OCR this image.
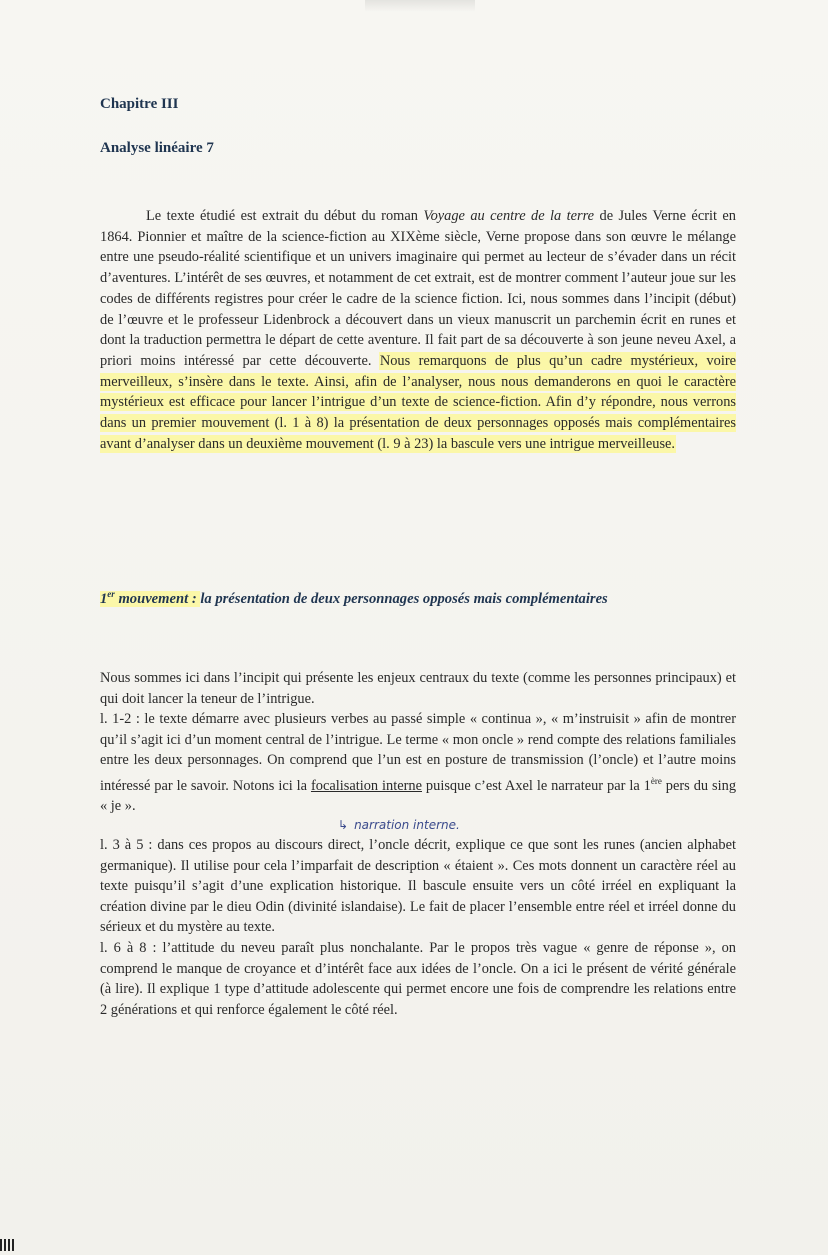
Chapitre III
Analyse linéaire 7
Le texte étudié est extrait du début du roman Voyage au centre de la terre de Jules Verne écrit en 1864. Pionnier et maître de la science-fiction au XIXème siècle, Verne propose dans son œuvre le mélange entre une pseudo-réalité scientifique et un univers imaginaire qui permet au lecteur de s’évader dans un récit d’aventures. L’intérêt de ses œuvres, et notamment de cet extrait, est de montrer comment l’auteur joue sur les codes de différents registres pour créer le cadre de la science fiction. Ici, nous sommes dans l’incipit (début) de l’œuvre et le professeur Lidenbrock a découvert dans un vieux manuscrit un parchemin écrit en runes et dont la traduction permettra le départ de cette aventure. Il fait part de sa découverte à son jeune neveu Axel, a priori moins intéressé par cette découverte. Nous remarquons de plus qu’un cadre mystérieux, voire merveilleux, s’insère dans le texte. Ainsi, afin de l’analyser, nous nous demanderons en quoi le caractère mystérieux est efficace pour lancer l’intrigue d’un texte de science-fiction. Afin d’y répondre, nous verrons dans un premier mouvement (l. 1 à 8) la présentation de deux personnages opposés mais complémentaires avant d’analyser dans un deuxième mouvement (l. 9 à 23) la bascule vers une intrigue merveilleuse.
1er mouvement : la présentation de deux personnages opposés mais complémentaires

Nous sommes ici dans l’incipit qui présente les enjeux centraux du texte (comme les personnes principaux) et qui doit lancer la teneur de l’intrigue.

l. 1-2 : le texte démarre avec plusieurs verbes au passé simple « continua », « m’instruisit » afin de montrer qu’il s’agit ici d’un moment central de l’intrigue. Le terme « mon oncle » rend compte des relations familiales entre les deux personnages. On comprend que l’un est en posture de transmission (l’oncle) et l’autre moins intéressé par le savoir. Notons ici la focalisation interne puisque c’est Axel le narrateur par la 1ère pers du sing « je ».

↳ narration interne.

l. 3 à 5 : dans ces propos au discours direct, l’oncle décrit, explique ce que sont les runes (ancien alphabet germanique). Il utilise pour cela l’imparfait de description « étaient ». Ces mots donnent un caractère réel au texte puisqu’il s’agit d’une explication historique. Il bascule ensuite vers un côté irréel en expliquant la création divine par le dieu Odin (divinité islandaise). Le fait de placer l’ensemble entre réel et irréel donne du sérieux et du mystère au texte.

l. 6 à 8 : l’attitude du neveu paraît plus nonchalante. Par le propos très vague « genre de réponse », on comprend le manque de croyance et d’intérêt face aux idées de l’oncle. On a ici le présent de vérité générale (à lire). Il explique 1 type d’attitude adolescente qui permet encore une fois de comprendre les relations entre 2 générations et qui renforce également le côté réel.
